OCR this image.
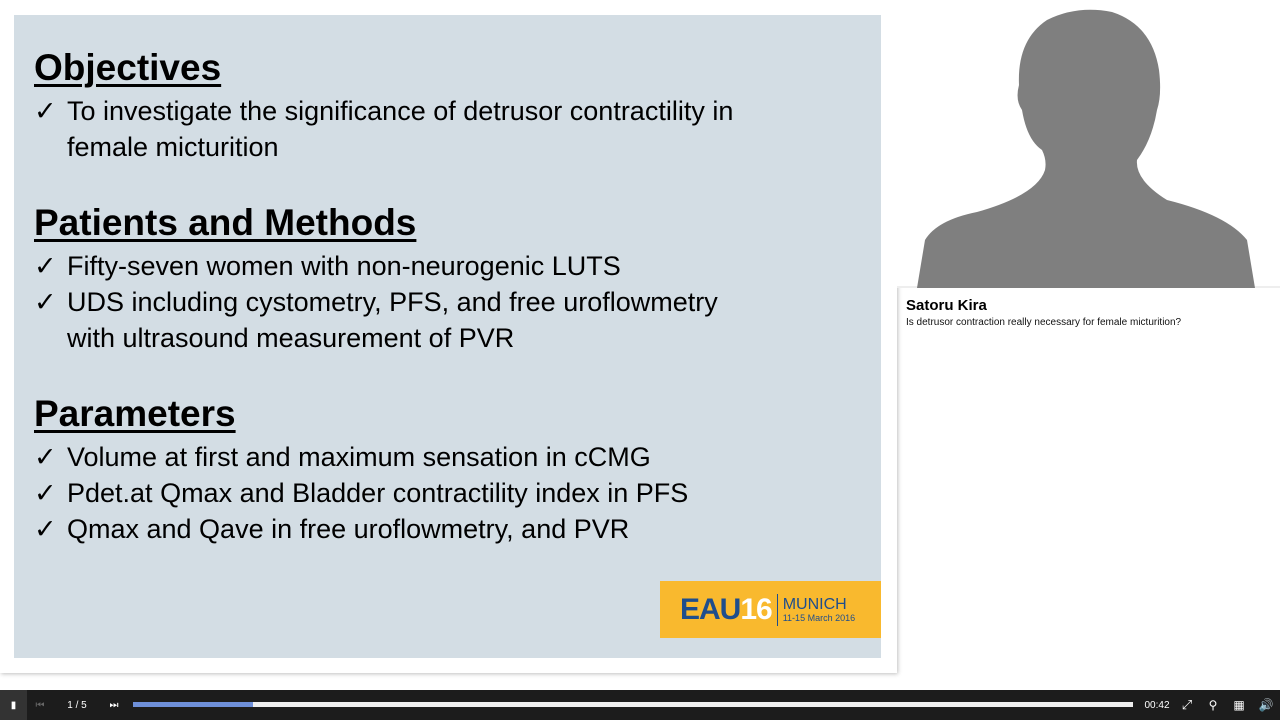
Objectives
✓ To investigate the significance of detrusor contractility in
female micturition
Patients and Methods
✓ Fifty-seven women with non-neurogenic LUTS
✓ UDS including cystometry, PFS, and free uroflowmetry
with ultrasound measurement of PVR
Parameters
✓ Volume at first and maximum sensation in cCMG
✓ Pdet.at Qmax and Bladder contractility index in PFS
✓ Qmax and Qave in free uroflowmetry, and PVR
EAU 16 MUNICH
11-15 March 2016
Satoru Kira
Is detrusor contraction really necessary for female micturition?
▮ ⏮	1 / 5	⏭	00:42 ⤢ ⚲ ▦ 🔊
